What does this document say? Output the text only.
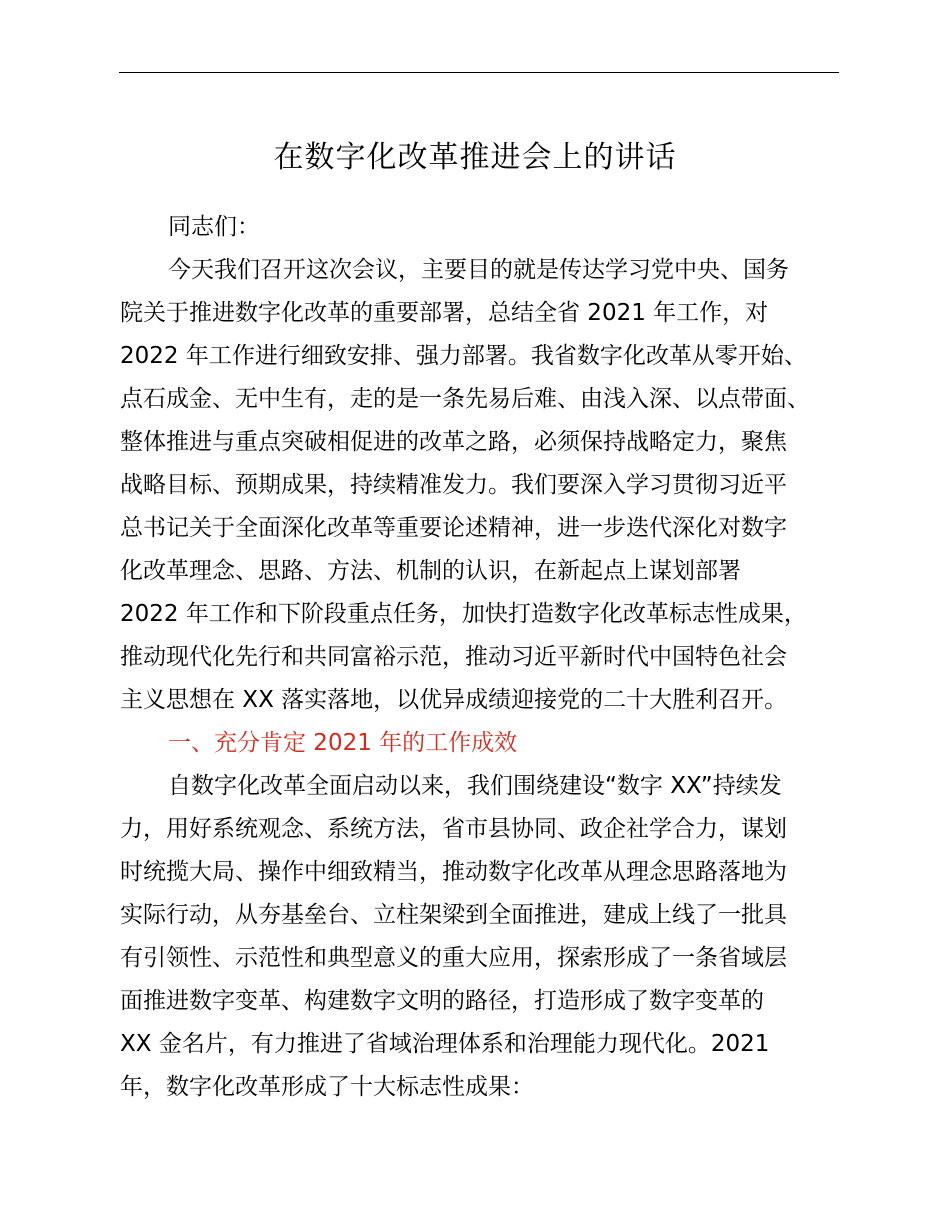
在数字化改革推进会上的讲话
同志们：
今天我们召开这次会议，主要目的就是传达学习党中央、国务
院关于推进数字化改革的重要部署，总结全省 2021 年工作，对
2022 年工作进行细致安排、强力部署。我省数字化改革从零开始、
点石成金、无中生有，走的是一条先易后难、由浅入深、以点带面、
整体推进与重点突破相促进的改革之路，必须保持战略定力，聚焦
战略目标、预期成果，持续精准发力。我们要深入学习贯彻习近平
总书记关于全面深化改革等重要论述精神，进一步迭代深化对数字
化改革理念、思路、方法、机制的认识，在新起点上谋划部署
2022 年工作和下阶段重点任务，加快打造数字化改革标志性成果，
推动现代化先行和共同富裕示范，推动习近平新时代中国特色社会
主义思想在 XX 落实落地，以优异成绩迎接党的二十大胜利召开。
一、充分肯定 2021 年的工作成效
自数字化改革全面启动以来，我们围绕建设“数字 XX”持续发
力，用好系统观念、系统方法，省市县协同、政企社学合力，谋划
时统揽大局、操作中细致精当，推动数字化改革从理念思路落地为
实际行动，从夯基垒台、立柱架梁到全面推进，建成上线了一批具
有引领性、示范性和典型意义的重大应用，探索形成了一条省域层
面推进数字变革、构建数字文明的路径，打造形成了数字变革的
XX 金名片，有力推进了省域治理体系和治理能力现代化。2021
年，数字化改革形成了十大标志性成果：
